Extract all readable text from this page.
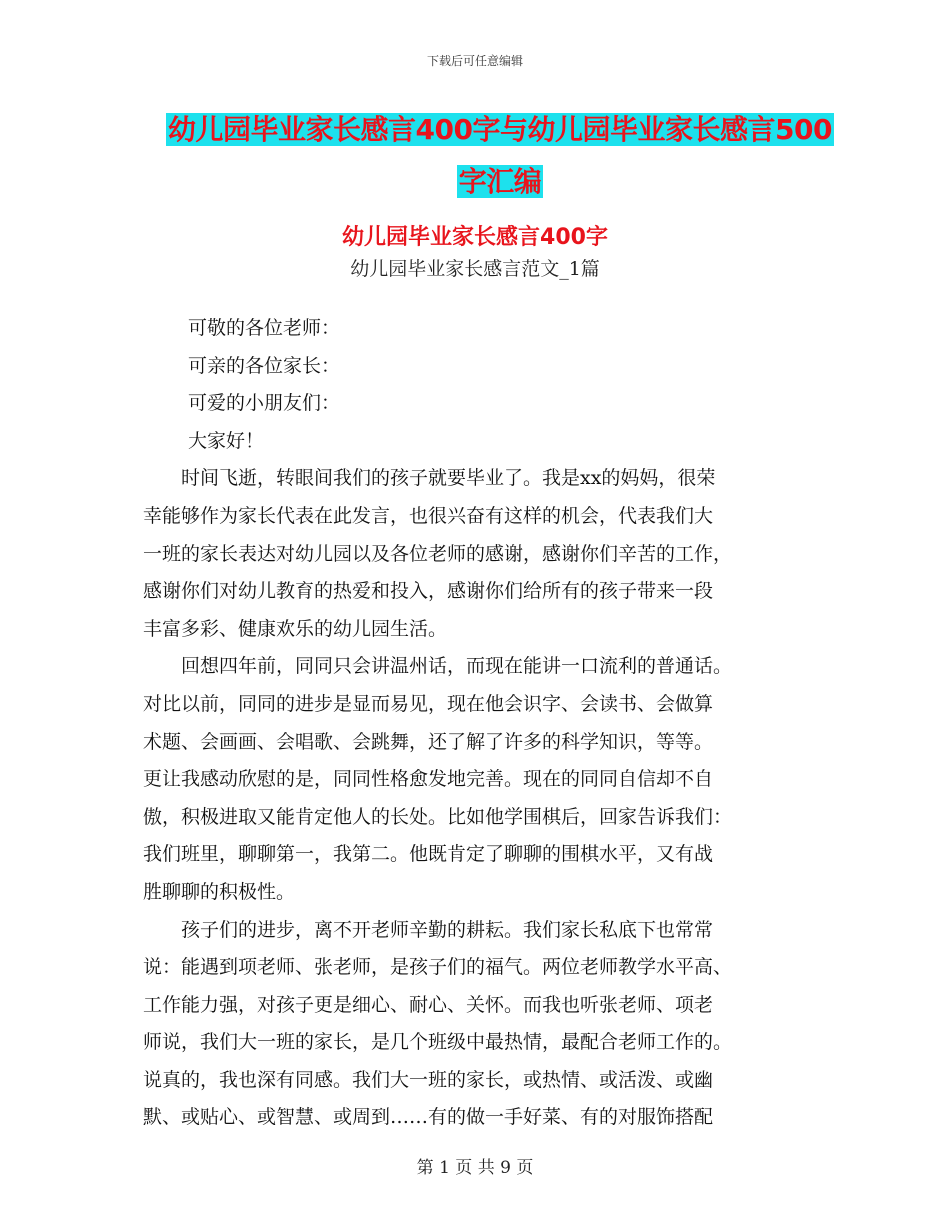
下载后可任意编辑
幼儿园毕业家长感言400字与幼儿园毕业家长感言500
字汇编
幼儿园毕业家长感言400字
幼儿园毕业家长感言范文_1篇
可敬的各位老师：
可亲的各位家长：
可爱的小朋友们：
大家好！
　　时间飞逝，转眼间我们的孩子就要毕业了。我是xx的妈妈，很荣
幸能够作为家长代表在此发言，也很兴奋有这样的机会，代表我们大
一班的家长表达对幼儿园以及各位老师的感谢，感谢你们辛苦的工作，
感谢你们对幼儿教育的热爱和投入，感谢你们给所有的孩子带来一段
丰富多彩、健康欢乐的幼儿园生活。
　　回想四年前，同同只会讲温州话，而现在能讲一口流利的普通话。
对比以前，同同的进步是显而易见，现在他会识字、会读书、会做算
术题、会画画、会唱歌、会跳舞，还了解了许多的科学知识，等等。
更让我感动欣慰的是，同同性格愈发地完善。现在的同同自信却不自
傲，积极进取又能肯定他人的长处。比如他学围棋后，回家告诉我们：
我们班里，聊聊第一，我第二。他既肯定了聊聊的围棋水平，又有战
胜聊聊的积极性。
　　孩子们的进步，离不开老师辛勤的耕耘。我们家长私底下也常常
说：能遇到项老师、张老师，是孩子们的福气。两位老师教学水平高、
工作能力强，对孩子更是细心、耐心、关怀。而我也听张老师、项老
师说，我们大一班的家长，是几个班级中最热情，最配合老师工作的。
说真的，我也深有同感。我们大一班的家长，或热情、或活泼、或幽
默、或贴心、或智慧、或周到……有的做一手好菜、有的对服饰搭配
第 1 页 共 9 页
